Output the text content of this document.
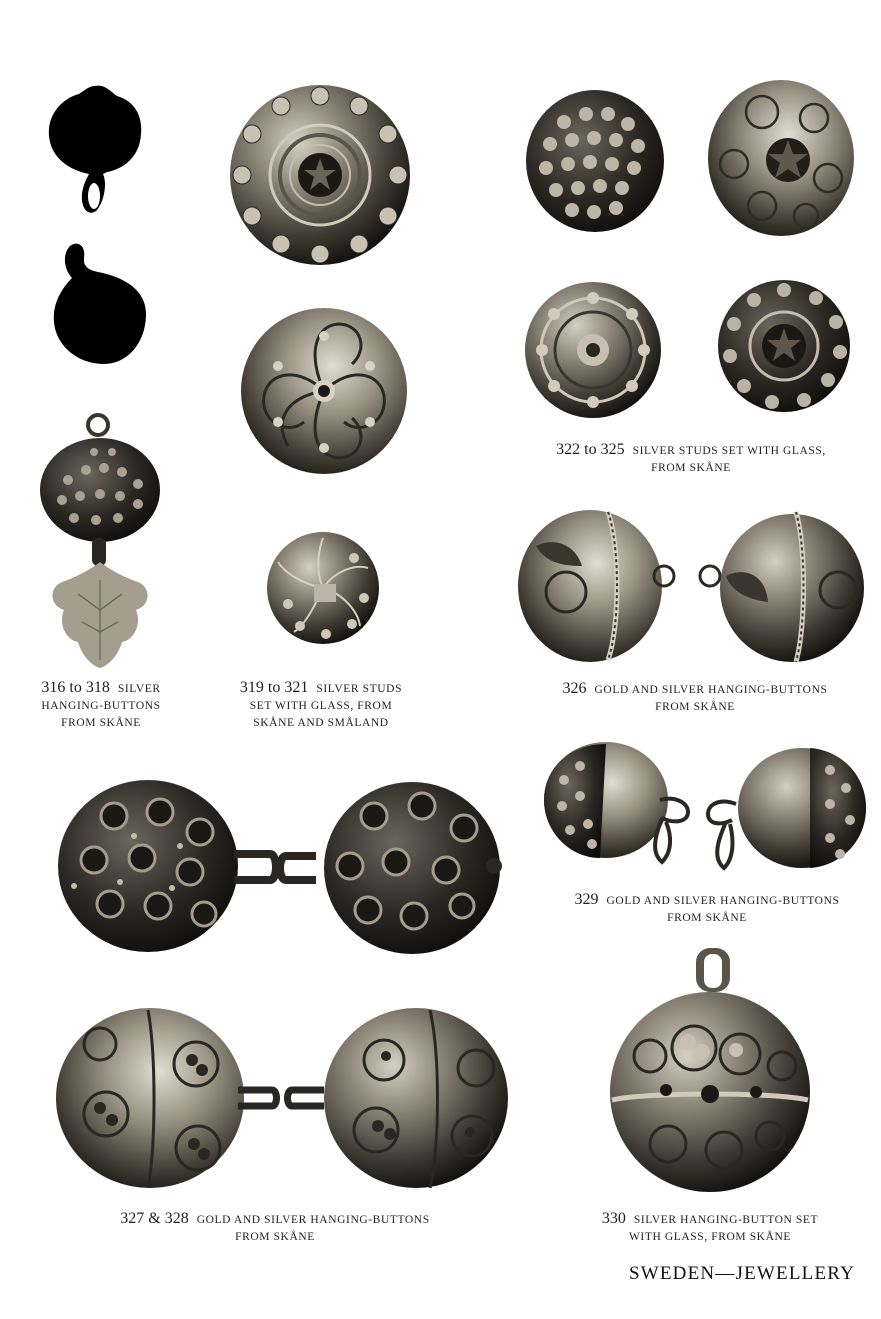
316 to 318 SILVER
HANGING-BUTTONS
FROM SKÅNE
319 to 321 SILVER STUDS
SET WITH GLASS, FROM
SKÅNE AND SMÅLAND
322 to 325 SILVER STUDS SET WITH GLASS,
FROM SKÅNE
326 GOLD AND SILVER HANGING-BUTTONS
FROM SKÅNE
329 GOLD AND SILVER HANGING-BUTTONS
FROM SKÅNE
327 & 328 GOLD AND SILVER HANGING-BUTTONS
FROM SKÅNE
330 SILVER HANGING-BUTTON SET
WITH GLASS, FROM SKÅNE
SWEDEN—JEWELLERY
